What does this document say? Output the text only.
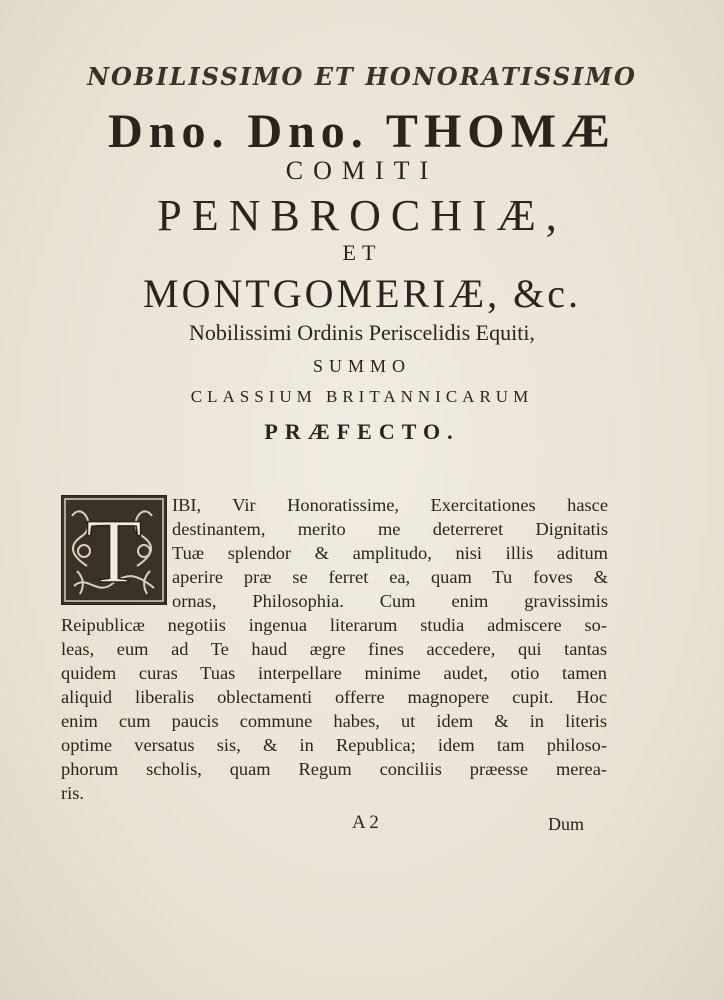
NOBILISSIMO ET HONORATISSIMO
Dno. Dno. THOMÆ
COMITI
PENBROCHIÆ,
ET
MONTGOMERIÆ, &c.
Nobilissimi Ordinis Periscelidis Equiti,
SUMMO
CLASSIUM BRITANNICARUM
PRÆFECTO.
T IBI, Vir Honoratissime, Exercitationes hasce
destinantem, merito me deterreret Dignitatis
Tuæ splendor & amplitudo, nisi illis aditum
aperire præ se ferret ea, quam Tu foves &
ornas, Philosophia. Cum enim gravissimis
Reipublicæ negotiis ingenua literarum studia admiscere so-
leas, eum ad Te haud ægre fines accedere, qui tantas
quidem curas Tuas interpellare minime audet, otio tamen
aliquid liberalis oblectamenti offerre magnopere cupit. Hoc
enim cum paucis commune habes, ut idem & in literis
optime versatus sis, & in Republica; idem tam philoso-
phorum scholis, quam Regum conciliis præesse merea-
ris.
A 2	Dum
